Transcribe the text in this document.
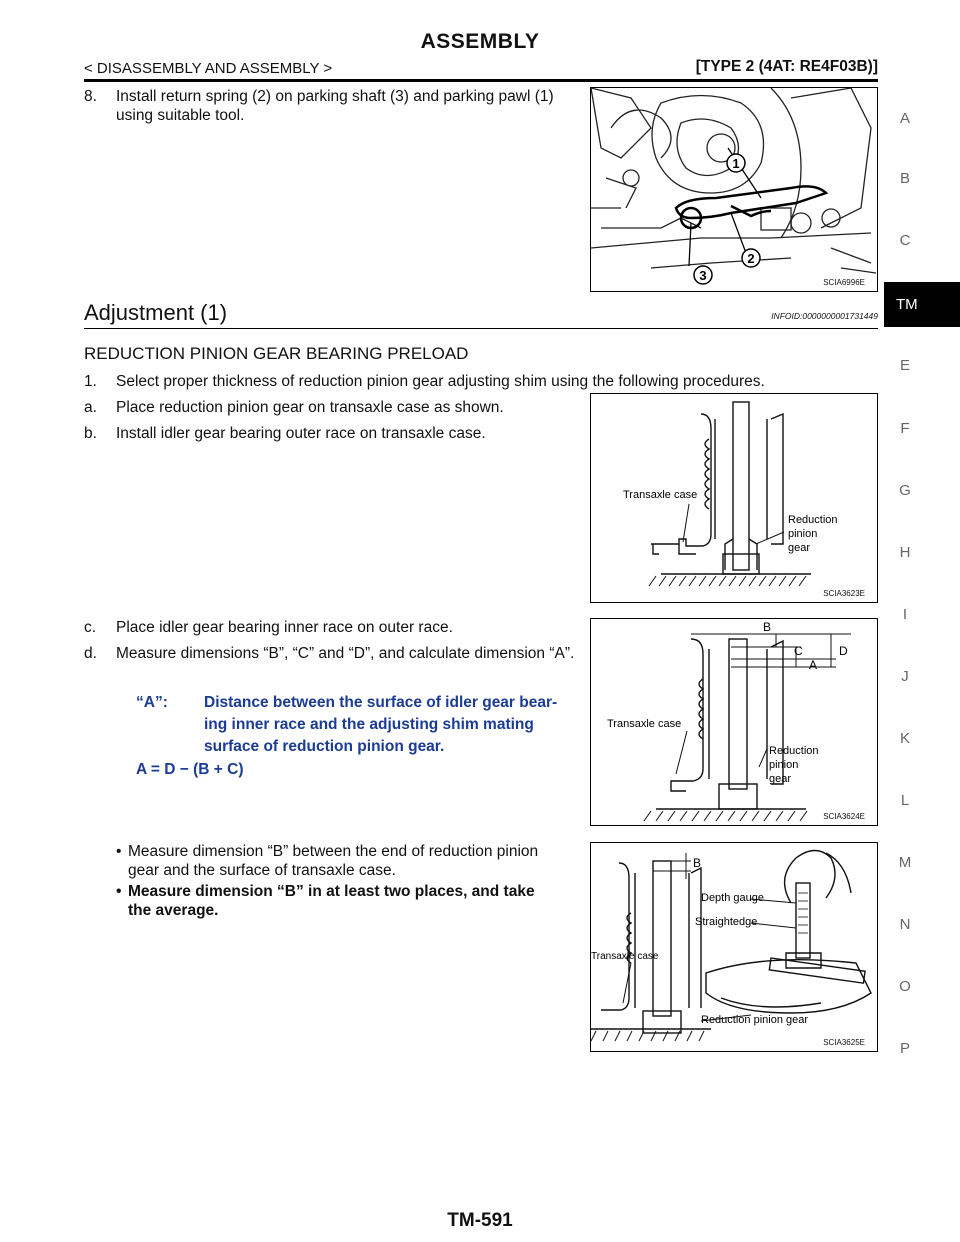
ASSEMBLY
< DISASSEMBLY AND ASSEMBLY >	[TYPE 2 (4AT: RE4F03B)]
A
B
C
TM
E
F
G
H
I
J
K
L
M
N
O
P
8. Install return spring (2) on parking shaft (3) and parking pawl (1) using suitable tool.
1
2
3	SCIA6996E
Adjustment (1)	INFOID:0000000001731449
REDUCTION PINION GEAR BEARING PRELOAD
1. Select proper thickness of reduction pinion gear adjusting shim using the following procedures.
a. Place reduction pinion gear on transaxle case as shown.
b. Install idler gear bearing outer race on transaxle case.
Transaxle case
Reduction
pinion
gear
SCIA3623E
c. Place idler gear bearing inner race on outer race.
d. Measure dimensions “B”, “C” and “D”, and calculate dimension “A”.
“A”: Distance between the surface of idler gear bear-
ing inner race and the adjusting shim mating
surface of reduction pinion gear.
A = D − (B + C)
B
C
A
D
Transaxle case
Reduction
pinion
gear
SCIA3624E
• Measure dimension “B” between the end of reduction pinion
gear and the surface of transaxle case.
• Measure dimension “B” in at least two places, and take
the average.
B
Depth gauge
Straightedge
Transaxle case
Reduction pinion gear
SCIA3625E
TM-591
